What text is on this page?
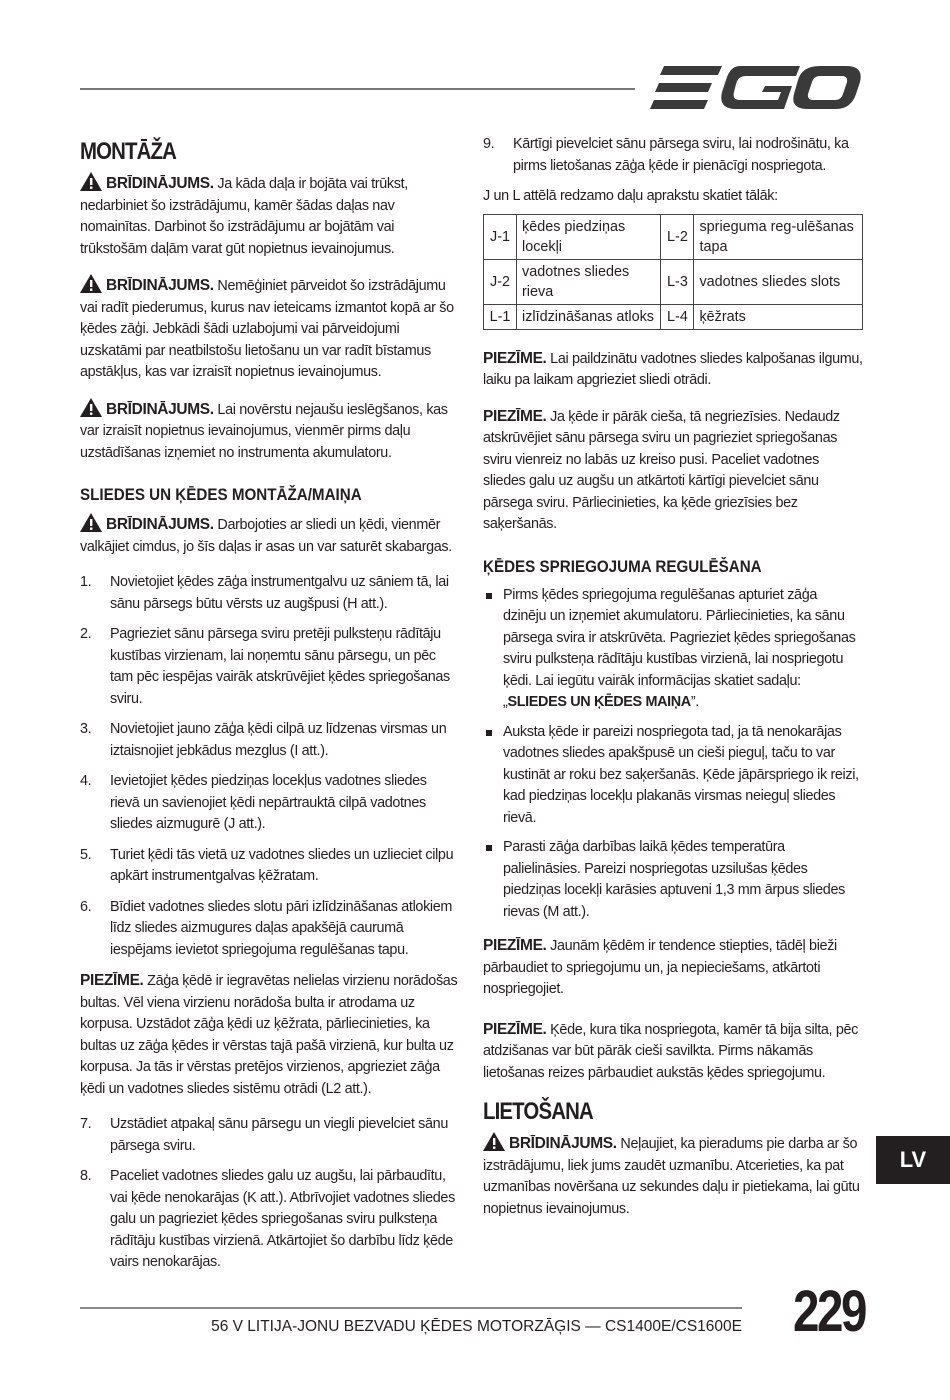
MONTĀŽA

BRĪDINĀJUMS. Ja kāda daļa ir bojāta vai trūkst, nedarbiniet šo izstrādājumu, kamēr šādas daļas nav nomainītas. Darbinot šo izstrādājumu ar bojātām vai trūkstošām daļām varat gūt nopietnus ievainojumus.

BRĪDINĀJUMS. Nemēģiniet pārveidot šo izstrādājumu vai radīt piederumus, kurus nav ieteicams izmantot kopā ar šo ķēdes zāģi. Jebkādi šādi uzlabojumi vai pārveidojumi uzskatāmi par neatbilstošu lietošanu un var radīt bīstamus apstākļus, kas var izraisīt nopietnus ievainojumus.

BRĪDINĀJUMS. Lai novērstu nejaušu ieslēgšanos, kas var izraisīt nopietnus ievainojumus, vienmēr pirms daļu uzstādīšanas izņemiet no instrumenta akumulatoru.

SLIEDES UN ĶĒDES MONTĀŽA/MAIŅA

BRĪDINĀJUMS. Darbojoties ar sliedi un ķēdi, vienmēr valkājiet cimdus, jo šīs daļas ir asas un var saturēt skabargas.

1. Novietojiet ķēdes zāģa instrumentgalvu uz sāniem tā, lai sānu pārsegs būtu vērsts uz augšpusi (H att.).
2. Pagrieziet sānu pārsega sviru pretēji pulksteņu rādītāju kustības virzienam, lai noņemtu sānu pārsegu, un pēc tam pēc iespējas vairāk atskrūvējiet ķēdes spriegošanas sviru.
3. Novietojiet jauno zāģa ķēdi cilpā uz līdzenas virsmas un iztaisnojiet jebkādus mezglus (I att.).
4. Ievietojiet ķēdes piedziņas locekļus vadotnes sliedes rievā un savienojiet ķēdi nepārtrauktā cilpā vadotnes sliedes aizmugurē (J att.).
5. Turiet ķēdi tās vietā uz vadotnes sliedes un uzlieciet cilpu apkārt instrumentgalvas ķēžratam.
6. Bīdiet vadotnes sliedes slotu pāri izlīdzināšanas atlokiem līdz sliedes aizmugures daļas apakšējā caurumā iespējams ievietot spriegojuma regulēšanas tapu.

PIEZĪME. Zāģa ķēdē ir iegravētas nelielas virzienu norādošas bultas. Vēl viena virzienu norādoša bulta ir atrodama uz korpusa. Uzstādot zāģa ķēdi uz ķēžrata, pārliecinieties, ka bultas uz zāģa ķēdes ir vērstas tajā pašā virzienā, kur bulta uz korpusa. Ja tās ir vērstas pretējos virzienos, apgrieziet zāģa ķēdi un vadotnes sliedes sistēmu otrādi (L2 att.).

7. Uzstādiet atpakaļ sānu pārsegu un viegli pievelciet sānu pārsega sviru.
8. Paceliet vadotnes sliedes galu uz augšu, lai pārbaudītu, vai ķēde nenokarājas (K att.). Atbrīvojiet vadotnes sliedes galu un pagrieziet ķēdes spriegošanas sviru pulksteņa rādītāju kustības virzienā. Atkārtojiet šo darbību līdz ķēde vairs nenokarājas.
9. Kārtīgi pievelciet sānu pārsega sviru, lai nodrošinātu, ka pirms lietošanas zāģa ķēde ir pienācīgi nospriegota.

J un L attēlā redzamo daļu aprakstu skatiet tālāk:

J-1	ķēdes piedziņas locekļi	L-2	sprieguma reg-ulēšanas tapa
J-2	vadotnes sliedes rieva	L-3	vadotnes sliedes slots
L-1	izlīdzināšanas atloks	L-4	ķēžrats

PIEZĪME. Lai paildzinātu vadotnes sliedes kalpošanas ilgumu, laiku pa laikam apgrieziet sliedi otrādi.

PIEZĪME. Ja ķēde ir pārāk cieša, tā negriezīsies. Nedaudz atskrūvējiet sānu pārsega sviru un pagrieziet spriegošanas sviru vienreiz no labās uz kreiso pusi. Paceliet vadotnes sliedes galu uz augšu un atkārtoti kārtīgi pievelciet sānu pārsega sviru. Pārliecinieties, ka ķēde griezīsies bez saķeršanās.

ĶĒDES SPRIEGOJUMA REGULĒŠANA
Pirms ķēdes spriegojuma regulēšanas apturiet zāģa dzinēju un izņemiet akumulatoru. Pārliecinieties, ka sānu pārsega svira ir atskrūvēta. Pagrieziet ķēdes spriegošanas sviru pulksteņa rādītāju kustības virzienā, lai nospriegotu ķēdi. Lai iegūtu vairāk informācijas skatiet sadaļu: „SLIEDES UN ĶĒDES MAIŅA”.
Auksta ķēde ir pareizi nospriegota tad, ja tā nenokarājas vadotnes sliedes apakšpusē un cieši pieguļ, taču to var kustināt ar roku bez saķeršanās. Ķēde jāpārspriego ik reizi, kad piedziņas locekļu plakanās virsmas neieguļ sliedes rievā.
Parasti zāģa darbības laikā ķēdes temperatūra palielināsies. Pareizi nospriegotas uzsilušas ķēdes piedziņas locekļi karāsies aptuveni 1,3 mm ārpus sliedes rievas (M att.).

PIEZĪME. Jaunām ķēdēm ir tendence stiepties, tādēļ bieži pārbaudiet to spriegojumu un, ja nepieciešams, atkārtoti nospriegojiet.

PIEZĪME. Ķēde, kura tika nospriegota, kamēr tā bija silta, pēc atdzišanas var būt pārāk cieši savilkta. Pirms nākamās lietošanas reizes pārbaudiet aukstās ķēdes spriegojumu.

LIETOŠANA

BRĪDINĀJUMS. Neļaujiet, ka pieradums pie darba ar šo izstrādājumu, liek jums zaudēt uzmanību. Atcerieties, ka pat uzmanības novēršana uz sekundes daļu ir pietiekama, lai gūtu nopietnus ievainojumus.

LV
56 V LITIJA-JONU BEZVADU ĶĒDES MOTORZĀĢIS — CS1400E/CS1600E 229
